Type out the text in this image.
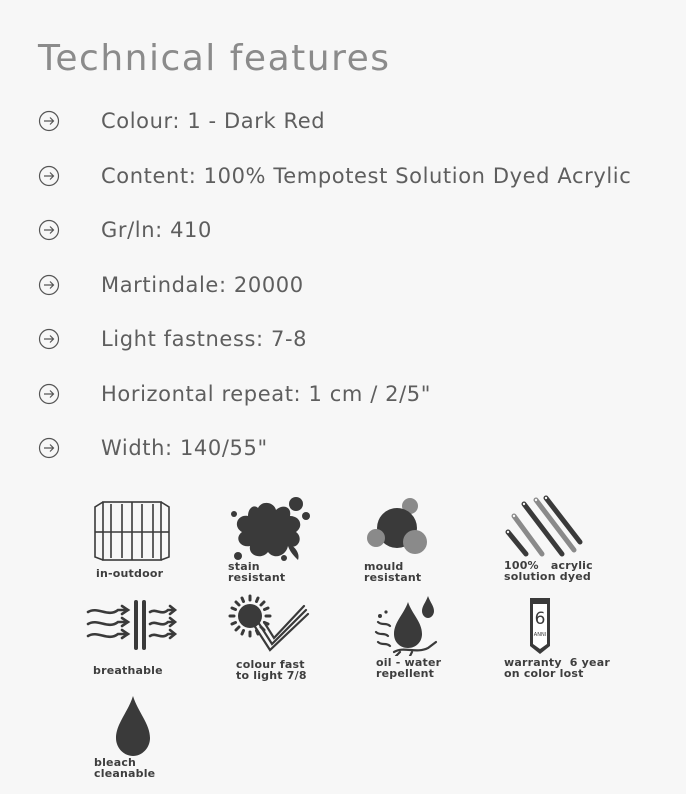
Technical features
Colour: 1 - Dark Red
Content: 100% Tempotest Solution Dyed Acrylic
Gr/ln: 410
Martindale: 20000
Light fastness: 7-8
Horizontal repeat: 1 cm / 2/5"
Width: 140/55"
in-outdoor
stain
resistant
mould
resistant
100%   acrylic
solution dyed
breathable	colour fast
to light 7/8
oil - water
repellent
6
ANNI
warranty  6 year
on color lost
bleach
cleanable
